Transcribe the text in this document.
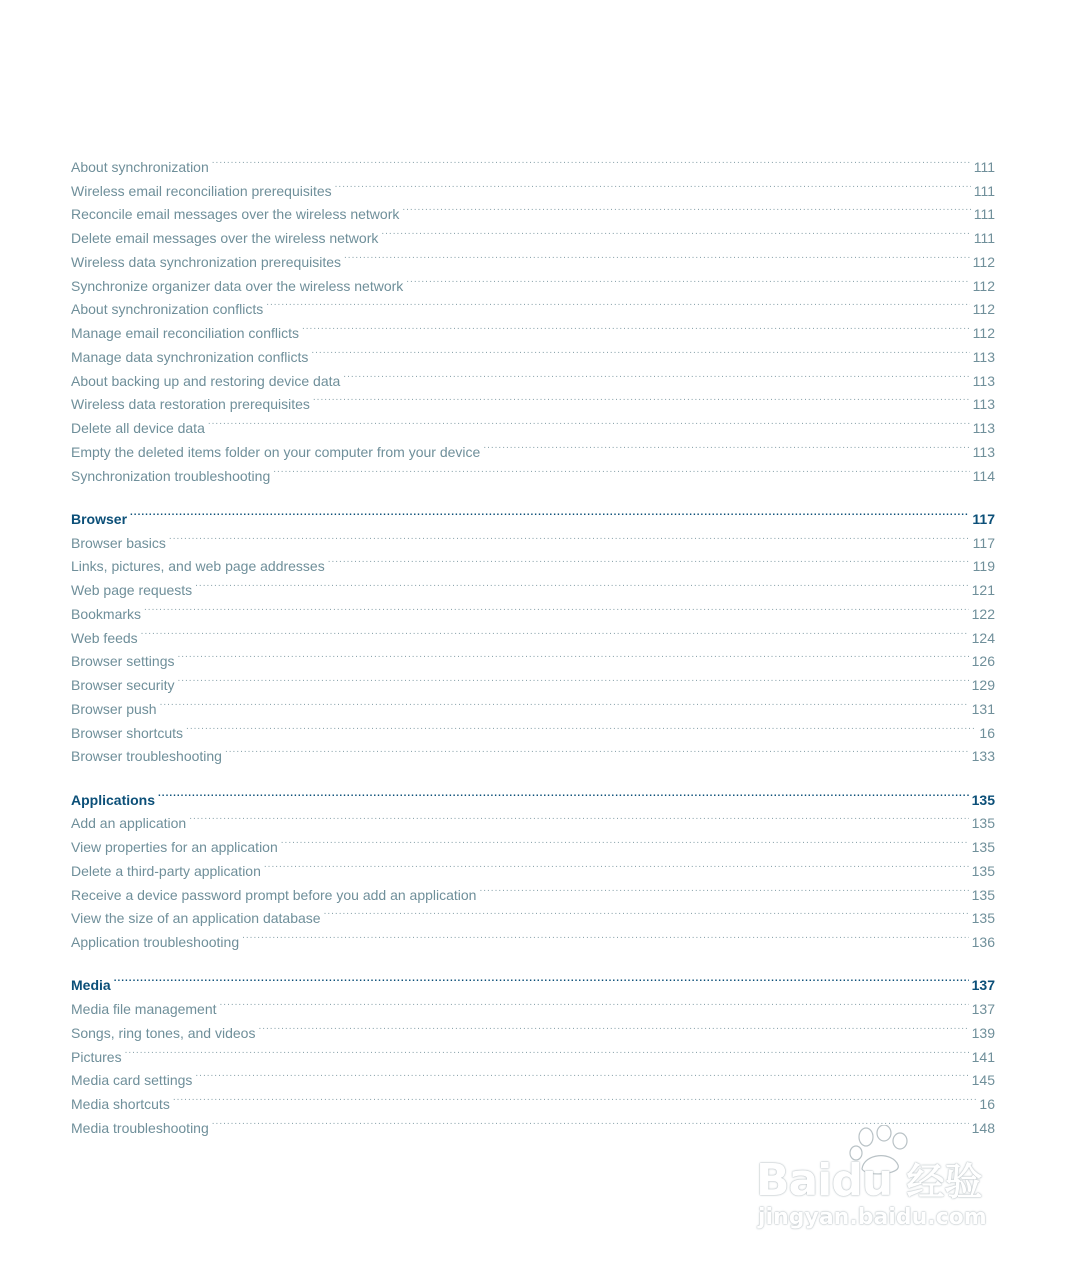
About synchronization .....	111
Wireless email reconciliation prerequisites .....	111
Reconcile email messages over the wireless network .....	111
Delete email messages over the wireless network .....	111
Wireless data synchronization prerequisites .....	112
Synchronize organizer data over the wireless network .....	112
About synchronization conflicts .....	112
Manage email reconciliation conflicts .....	112
Manage data synchronization conflicts .....	113
About backing up and restoring device data .....	113
Wireless data restoration prerequisites .....	113
Delete all device data .....	113
Empty the deleted items folder on your computer from your device .....	113
Synchronization troubleshooting .....	114
Browser .....	117
Browser basics .....	117
Links, pictures, and web page addresses .....	119
Web page requests .....	121
Bookmarks .....	122
Web feeds .....	124
Browser settings .....	126
Browser security .....	129
Browser push .....	131
Browser shortcuts .....	16
Browser troubleshooting .....	133
Applications .....	135
Add an application .....	135
View properties for an application .....	135
Delete a third-party application .....	135
Receive a device password prompt before you add an application .....	135
View the size of an application database .....	135
Application troubleshooting .....	136
Media .....	137
Media file management .....	137
Songs, ring tones, and videos .....	139
Pictures .....	141
Media card settings .....	145
Media shortcuts .....	16
Media troubleshooting .....	148
Baidu 经验
jingyan.baidu.com
